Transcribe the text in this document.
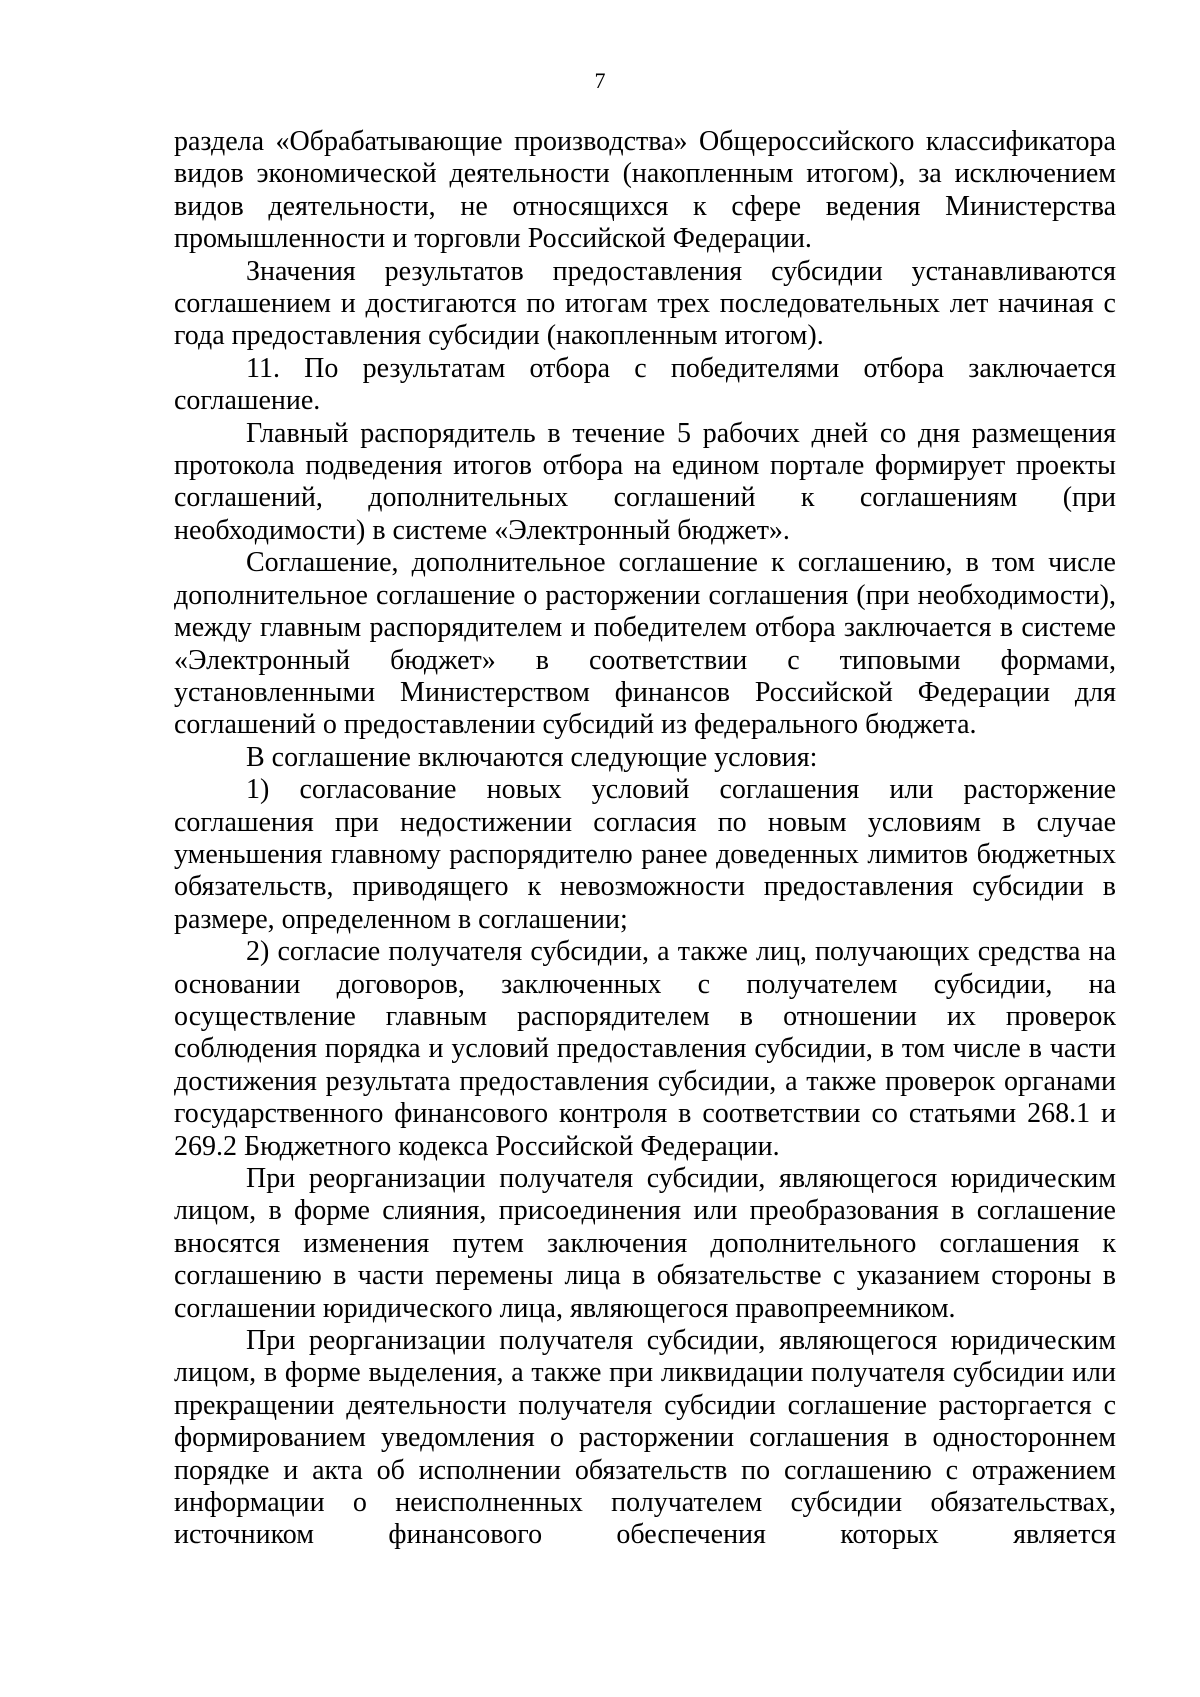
7

раздела «Обрабатывающие производства» Общероссийского классификатора видов экономической деятельности (накопленным итогом), за исключением видов деятельности, не относящихся к сфере ведения Министерства промышленности и торговли Российской Федерации.

Значения результатов предоставления субсидии устанавливаются соглашением и достигаются по итогам трех последовательных лет начиная с года предоставления субсидии (накопленным итогом).

11. По результатам отбора с победителями отбора заключается соглашение.

Главный распорядитель в течение 5 рабочих дней со дня размещения протокола подведения итогов отбора на едином портале формирует проекты соглашений, дополнительных соглашений к соглашениям (при необходимости) в системе «Электронный бюджет».

Соглашение, дополнительное соглашение к соглашению, в том числе дополнительное соглашение о расторжении соглашения (при необходимости), между главным распорядителем и победителем отбора заключается в системе «Электронный бюджет» в соответствии с типовыми формами, установленными Министерством финансов Российской Федерации для соглашений о предоставлении субсидий из федерального бюджета.

В соглашение включаются следующие условия:

1) согласование новых условий соглашения или расторжение соглашения при недостижении согласия по новым условиям в случае уменьшения главному распорядителю ранее доведенных лимитов бюджетных обязательств, приводящего к невозможности предоставления субсидии в размере, определенном в соглашении;

2) согласие получателя субсидии, а также лиц, получающих средства на основании договоров, заключенных с получателем субсидии, на осуществление главным распорядителем в отношении их проверок соблюдения порядка и условий предоставления субсидии, в том числе в части достижения результата предоставления субсидии, а также проверок органами государственного финансового контроля в соответствии со статьями 268.1 и 269.2 Бюджетного кодекса Российской Федерации.

При реорганизации получателя субсидии, являющегося юридическим лицом, в форме слияния, присоединения или преобразования в соглашение вносятся изменения путем заключения дополнительного соглашения к соглашению в части перемены лица в обязательстве с указанием стороны в соглашении юридического лица, являющегося правопреемником.

При реорганизации получателя субсидии, являющегося юридическим лицом, в форме выделения, а также при ликвидации получателя субсидии или прекращении деятельности получателя субсидии соглашение расторгается с формированием уведомления о расторжении соглашения в одностороннем порядке и акта об исполнении обязательств по соглашению с отражением информации о неисполненных получателем субсидии обязательствах, источником финансового обеспечения которых является
